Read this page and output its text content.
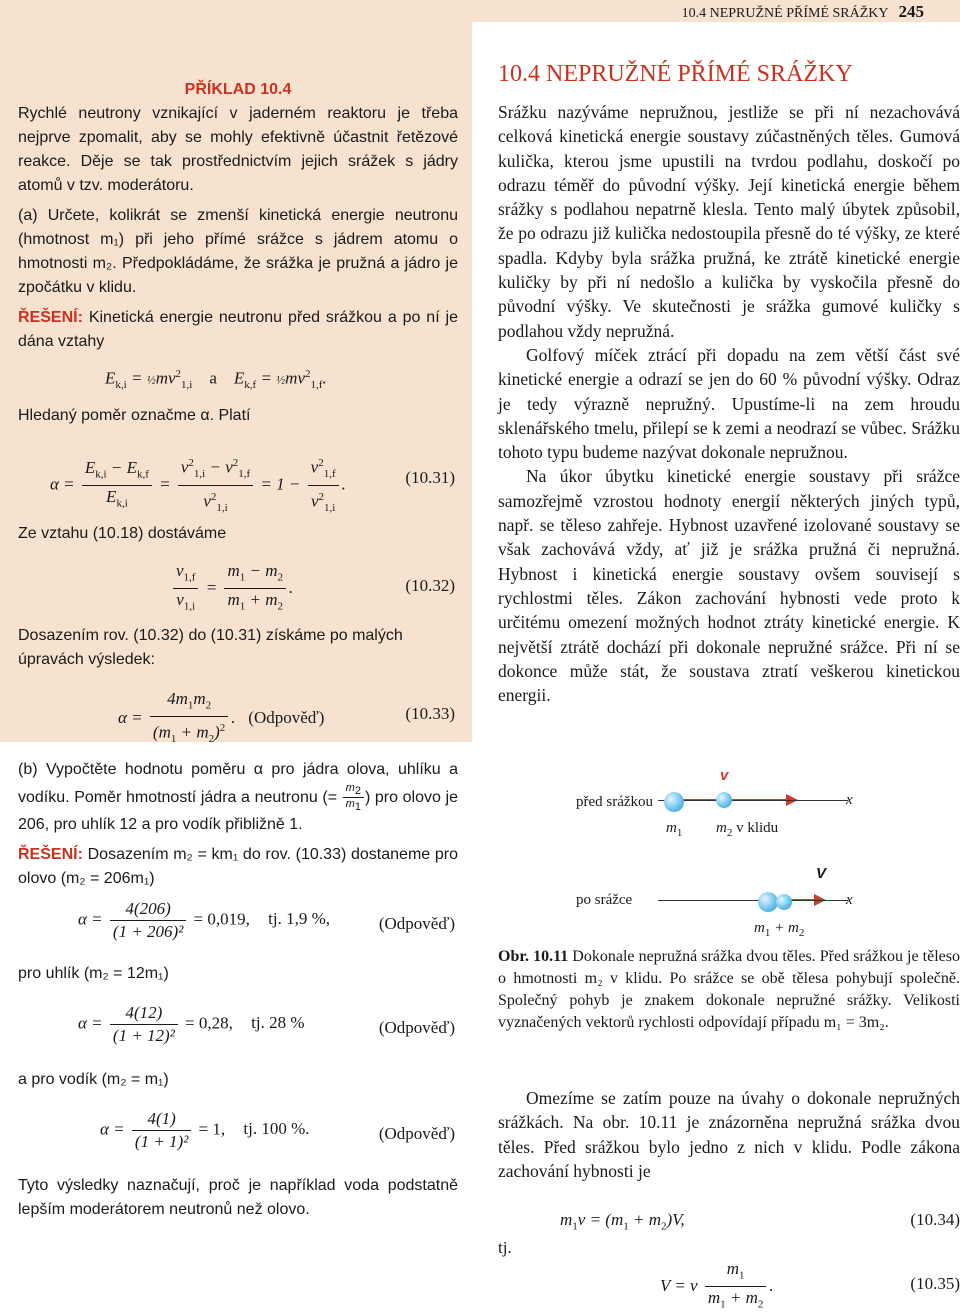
10.4 NEPRUŽNÉ PŘÍMÉ SRÁŽKY 245
PŘÍKLAD 10.4

Rychlé neutrony vznikající v jaderném reaktoru je třeba nejprve zpomalit, aby se mohly efektivně účastnit řetězové reakce. Děje se tak prostřednictvím jejich srážek s jádry atomů v tzv. moderátoru.

(a) Určete, kolikrát se zmenší kinetická energie neutronu (hmotnost m₁) při jeho přímé srážce s jádrem atomu o hmotnosti m₂. Předpokládáme, že srážka je pružná a jádro je zpočátku v klidu.

ŘEŠENÍ: Kinetická energie neutronu před srážkou a po ní je dána vztahy

$E_{k,i}$ = $\frac{1}{2}mv^2_{1,i}$ a    $E_{k,f}$ = $\frac{1}{2}mv^2_{1,f}$.
Hledaný poměr označme α. Platí
$\alpha = \frac{E_{k,i} - E_{k,f}}{E_{k,i}} = \frac{v^2_{1,i} - v^2_{1,f}}{v^2_{1,i}} = 1 - \frac{v^2_{1,f}}{v^2_{1,i}}$ .	(10.31)
Ze vztahu (10.18) dostáváme
$\frac{v_{1,f}}{v_{1,i}} = \frac{m_1 - m_2}{m_1 + m_2}$ .	(10.32)
Dosazením rov. (10.32) do (10.31) získáme po malých úpravách výsledek:
$\alpha = \frac{4m_1m_2}{(m_1 + m_2)^2}$ .   (Odpověď)	(10.33)

(b) Vypočtěte hodnotu poměru α pro jádra olova, uhlíku a vodíku. Poměr hmotností jádra a neutronu (= $\frac{m_2}{m_1}$ ) pro olovo je 206, pro uhlík 12 a pro vodík přibližně 1.

ŘEŠENÍ: Dosazením m₂ = km₁ do rov. (10.33) dostaneme pro olovo (m₂ = 206m₁)

$\alpha = \frac{4(206)}{\text{(1 + 206)²}} = 0,019$, tj. 1,9 %,	(Odpověď)
pro uhlík (m₂ = 12m₁)
$\alpha = \frac{4(12)}{\text{(1 + 12)²}} = 0,28$, tj. 28 %	(Odpověď)
a pro vodík (m₂ = m₁)
$\alpha = \frac{4(1)}{\text{(1 + 1)²}} = 1$, tj. 100 %.	(Odpověď)
Tyto výsledky naznačují, proč je například voda podstatně lepším moderátorem neutronů než olovo.
10.4 NEPRUŽNÉ PŘÍMÉ SRÁŽKY

Srážku nazýváme nepružnou, jestliže se při ní nezachovává celková kinetická energie soustavy zúčastněných těles. Gumová kulička, kterou jsme upustili na tvrdou podlahu, doskočí po odrazu téměř do původní výšky. Její kinetická energie během srážky s podlahou nepatrně klesla. Tento malý úbytek způsobil, že po odrazu již kulička nedostoupila přesně do té výšky, ze které spadla. Kdyby byla srážka pružná, ke ztrátě kinetické energie kuličky by při ní nedošlo a kulička by vyskočila přesně do původní výšky. Ve skutečnosti je srážka gumové kuličky s podlahou vždy nepružná.

Golfový míček ztrácí při dopadu na zem větší část své kinetické energie a odrazí se jen do 60 % původní výšky. Odraz je tedy výrazně nepružný. Upustíme-li na zem hroudu sklenářského tmelu, přilepí se k zemi a neodrazí se vůbec. Srážku tohoto typu budeme nazývat dokonale nepružnou.

Na úkor úbytku kinetické energie soustavy při srážce samozřejmě vzrostou hodnoty energií některých jiných typů, např. se těleso zahřeje. Hybnost uzavřené izolované soustavy se však zachovává vždy, ať již je srážka pružná či nepružná. Hybnost i kinetická energie soustavy ovšem souvisejí s rychlostmi těles. Zákon zachování hybnosti vede proto k určitému omezení možných hodnot ztráty kinetické energie. K největší ztrátě dochází při dokonale nepružné srážce. Při ní se dokonce může stát, že soustava ztratí veškerou kinetickou energii.

před srážkou
v
x
$m_1$ $m_2$ v klidu
po srážce
V
x
$m_1 + m_2$
Obr. 10.11 Dokonale nepružná srážka dvou těles. Před srážkou je těleso o hmotnosti m₂ v klidu. Po srážce se obě tělesa pohybují společně. Společný pohyb je znakem dokonale nepružné srážky. Velikosti vyznačených vektorů rychlosti odpovídají případu m₁ = 3m₂.

Omezíme se zatím pouze na úvahy o dokonale nepružných srážkách. Na obr. 10.11 je znázorněna nepružná srážka dvou těles. Před srážkou bylo jedno z nich v klidu. Podle zákona zachování hybnosti je

$m_1v = (m_1 + m_2)V$,	(10.34)
tj.
V = v $\frac{m_1}{m_1 + m_2}$ .	(10.35)
